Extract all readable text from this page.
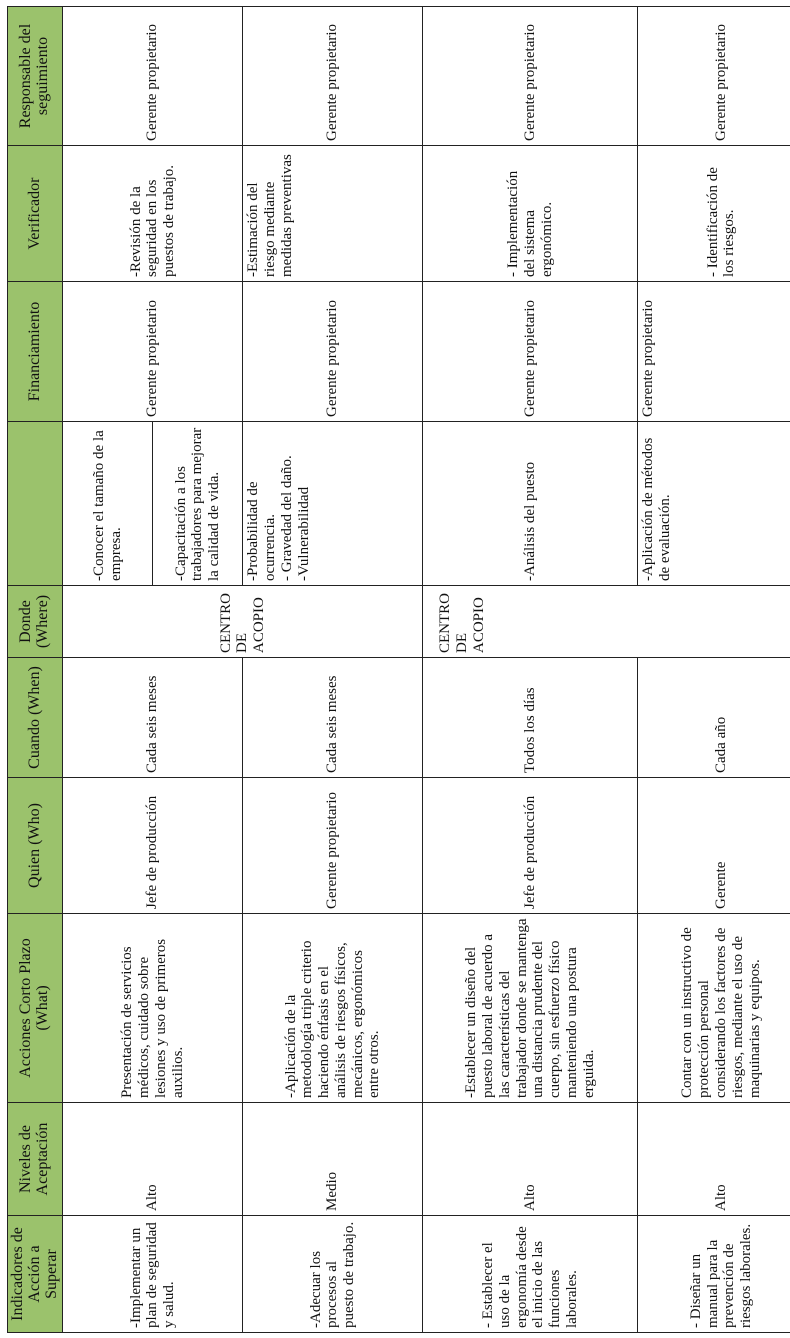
Indicadores de Acción a Superar	Niveles de Aceptación	Acciones Corto Plazo (What)	Quien (Who)	Cuando (When)	Donde (Where)		Financiamiento	Verificador	Responsable del seguimiento
-Implementar un plan de seguridad y salud.	Alto	Presentación de servicios médicos, cuidado sobre lesiones y uso de primeros auxilios.	Jefe de producción	Cada seis meses	CENTRO DE ACOPIO	-Conocer el tamaño de la empresa. -Capacitación a los trabajadores para mejorar la calidad de vida.	Gerente propietario	-Revisión de la seguridad en los puestos de trabajo.	Gerente propietario
-Adecuar los procesos al puesto de trabajo.	Medio	-Aplicación de la metodología triple criterio haciendo énfasis en el análisis de riesgos físicos, mecánicos, ergonómicos entre otros.	Gerente propietario	Cada seis meses		-Probabilidad de ocurrencia. - Gravedad del daño. -Vulnerabilidad	Gerente propietario	-Estimación del riesgo mediante medidas preventivas	Gerente propietario
- Establecer el uso de la ergonomía desde el inicio de las funciones laborales.	Alto	-Establecer un diseño del puesto laboral de acuerdo a las características del trabajador donde se mantenga una distancia prudente del cuerpo, sin esfuerzo físico manteniendo una postura erguida.	Jefe de producción	Todos los días	CENTRO DE ACOPIO	-Análisis del puesto	Gerente propietario	- Implementación del sistema ergonómico.	Gerente propietario
- Diseñar un manual para la prevención de riesgos laborales.	Alto	Contar con un instructivo de protección personal considerando los factores de riesgos, mediante el uso de maquinarias y equipos.	Gerente	Cada año		-Aplicación de métodos de evaluación.	Gerente propietario	- Identificación de los riesgos.	Gerente propietario
